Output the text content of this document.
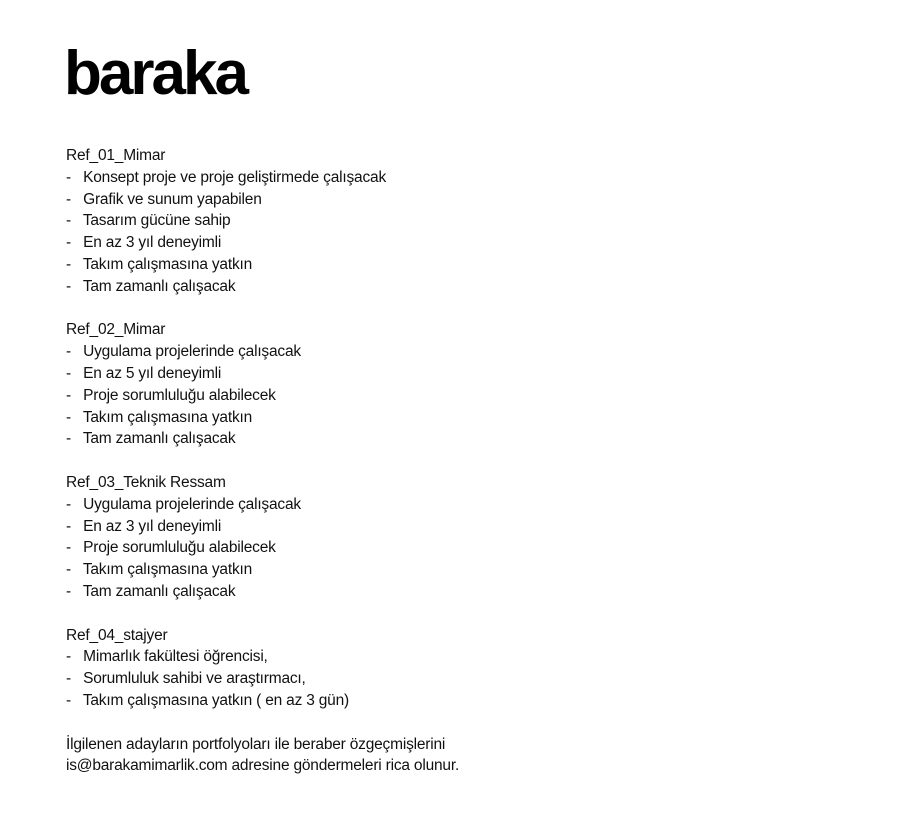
baraka
Ref_01_Mimar
- Konsept proje ve proje geliştirmede çalışacak
- Grafik ve sunum yapabilen
- Tasarım gücüne sahip
- En az 3 yıl deneyimli
- Takım çalışmasına yatkın
- Tam zamanlı çalışacak
Ref_02_Mimar
- Uygulama projelerinde çalışacak
- En az 5 yıl deneyimli
- Proje sorumluluğu alabilecek
- Takım çalışmasına yatkın
- Tam zamanlı çalışacak
Ref_03_Teknik Ressam
- Uygulama projelerinde çalışacak
- En az 3 yıl deneyimli
- Proje sorumluluğu alabilecek
- Takım çalışmasına yatkın
- Tam zamanlı çalışacak
Ref_04_stajyer
- Mimarlık fakültesi öğrencisi,
- Sorumluluk sahibi ve araştırmacı,
- Takım çalışmasına yatkın ( en az 3 gün)
İlgilenen adayların portfolyoları ile beraber özgeçmişlerini
is@barakamimarlik.com adresine göndermeleri rica olunur.
